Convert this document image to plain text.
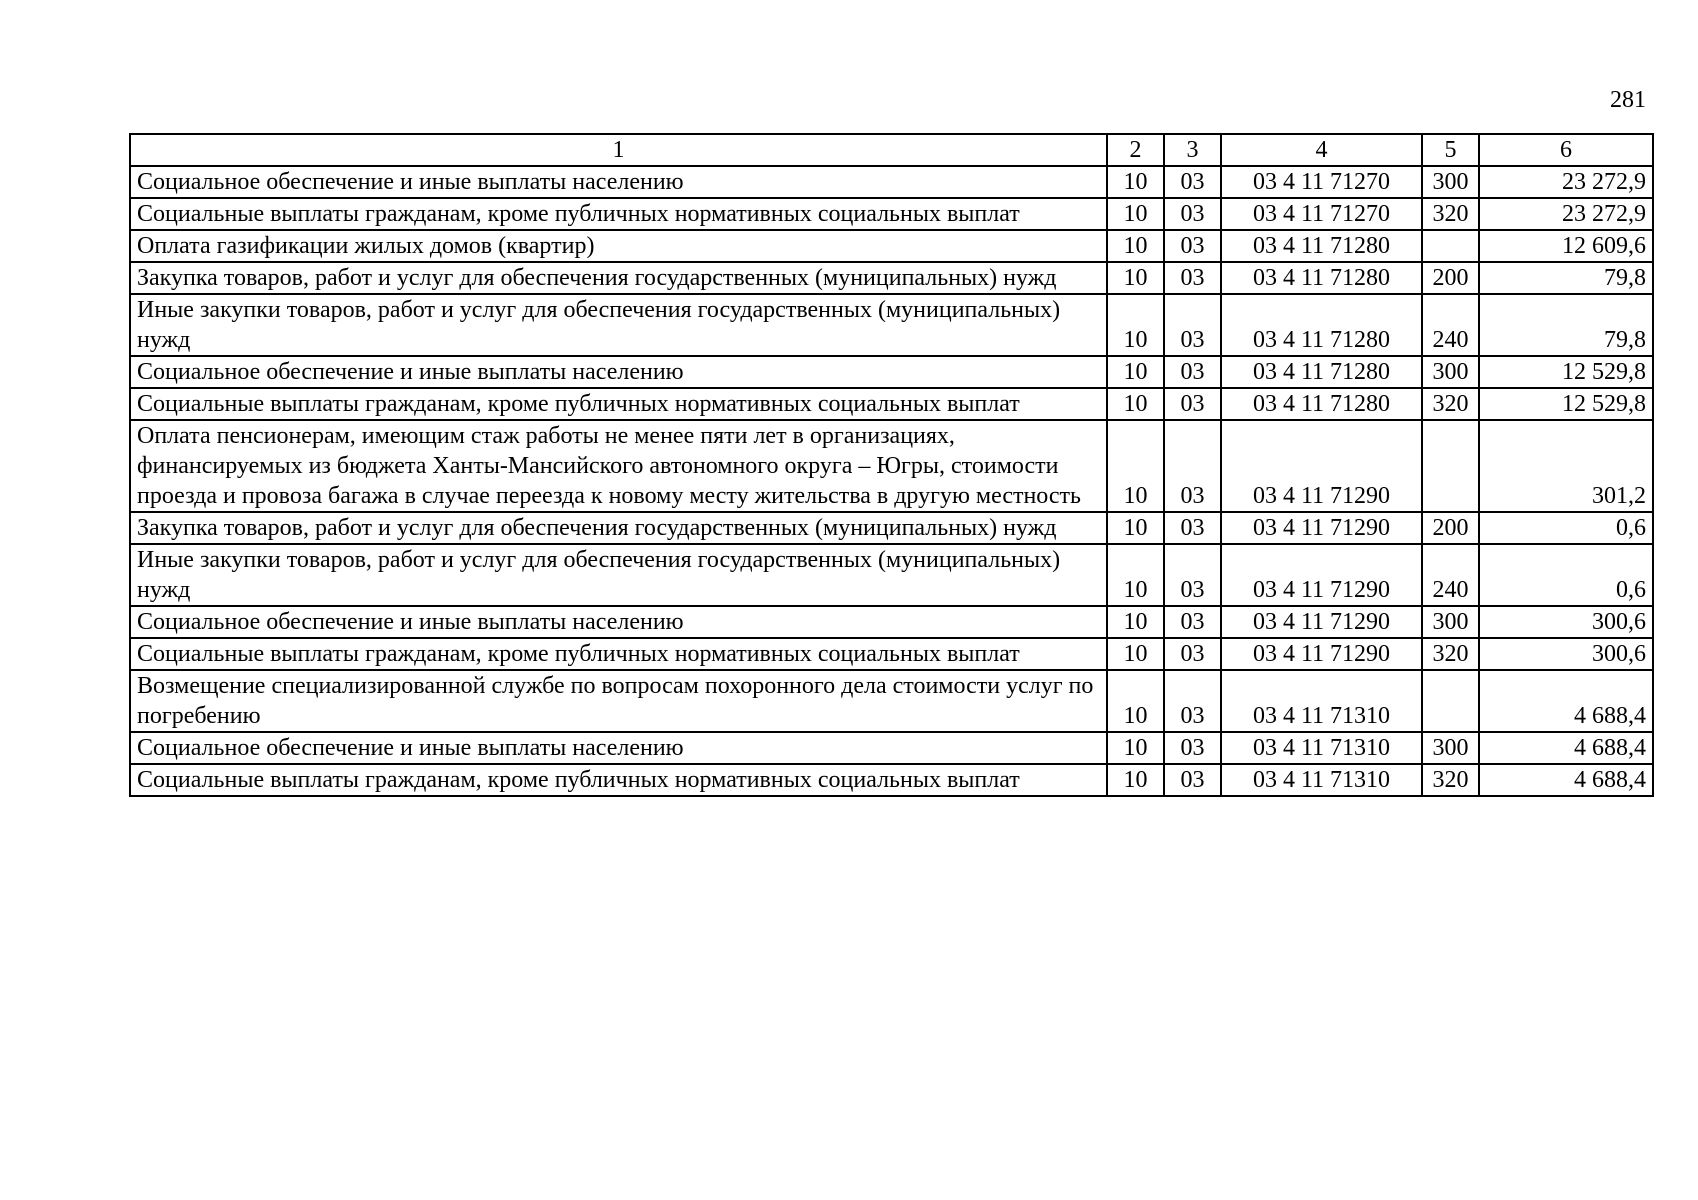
281
1	2	3	4	5	6
Социальное обеспечение и иные выплаты населению	10	03	03 4 11 71270	300	23 272,9
Социальные выплаты гражданам, кроме публичных нормативных социальных выплат	10	03	03 4 11 71270	320	23 272,9
Оплата газификации жилых домов (квартир)	10	03	03 4 11 71280		12 609,6
Закупка товаров, работ и услуг для обеспечения государственных (муниципальных) нужд	10	03	03 4 11 71280	200	79,8
Иные закупки товаров, работ и услуг для обеспечения государственных (муниципальных) нужд	10	03	03 4 11 71280	240	79,8
Социальное обеспечение и иные выплаты населению	10	03	03 4 11 71280	300	12 529,8
Социальные выплаты гражданам, кроме публичных нормативных социальных выплат	10	03	03 4 11 71280	320	12 529,8
Оплата пенсионерам, имеющим стаж работы не менее пяти лет в организациях, финансируемых из бюджета Ханты-Мансийского автономного округа – Югры, стоимости проезда и провоза багажа в случае переезда к новому месту жительства в другую местность	10	03	03 4 11 71290		301,2
Закупка товаров, работ и услуг для обеспечения государственных (муниципальных) нужд	10	03	03 4 11 71290	200	0,6
Иные закупки товаров, работ и услуг для обеспечения государственных (муниципальных) нужд	10	03	03 4 11 71290	240	0,6
Социальное обеспечение и иные выплаты населению	10	03	03 4 11 71290	300	300,6
Социальные выплаты гражданам, кроме публичных нормативных социальных выплат	10	03	03 4 11 71290	320	300,6
Возмещение специализированной службе по вопросам похоронного дела стоимости услуг по погребению	10	03	03 4 11 71310		4 688,4
Социальное обеспечение и иные выплаты населению	10	03	03 4 11 71310	300	4 688,4
Социальные выплаты гражданам, кроме публичных нормативных социальных выплат	10	03	03 4 11 71310	320	4 688,4
